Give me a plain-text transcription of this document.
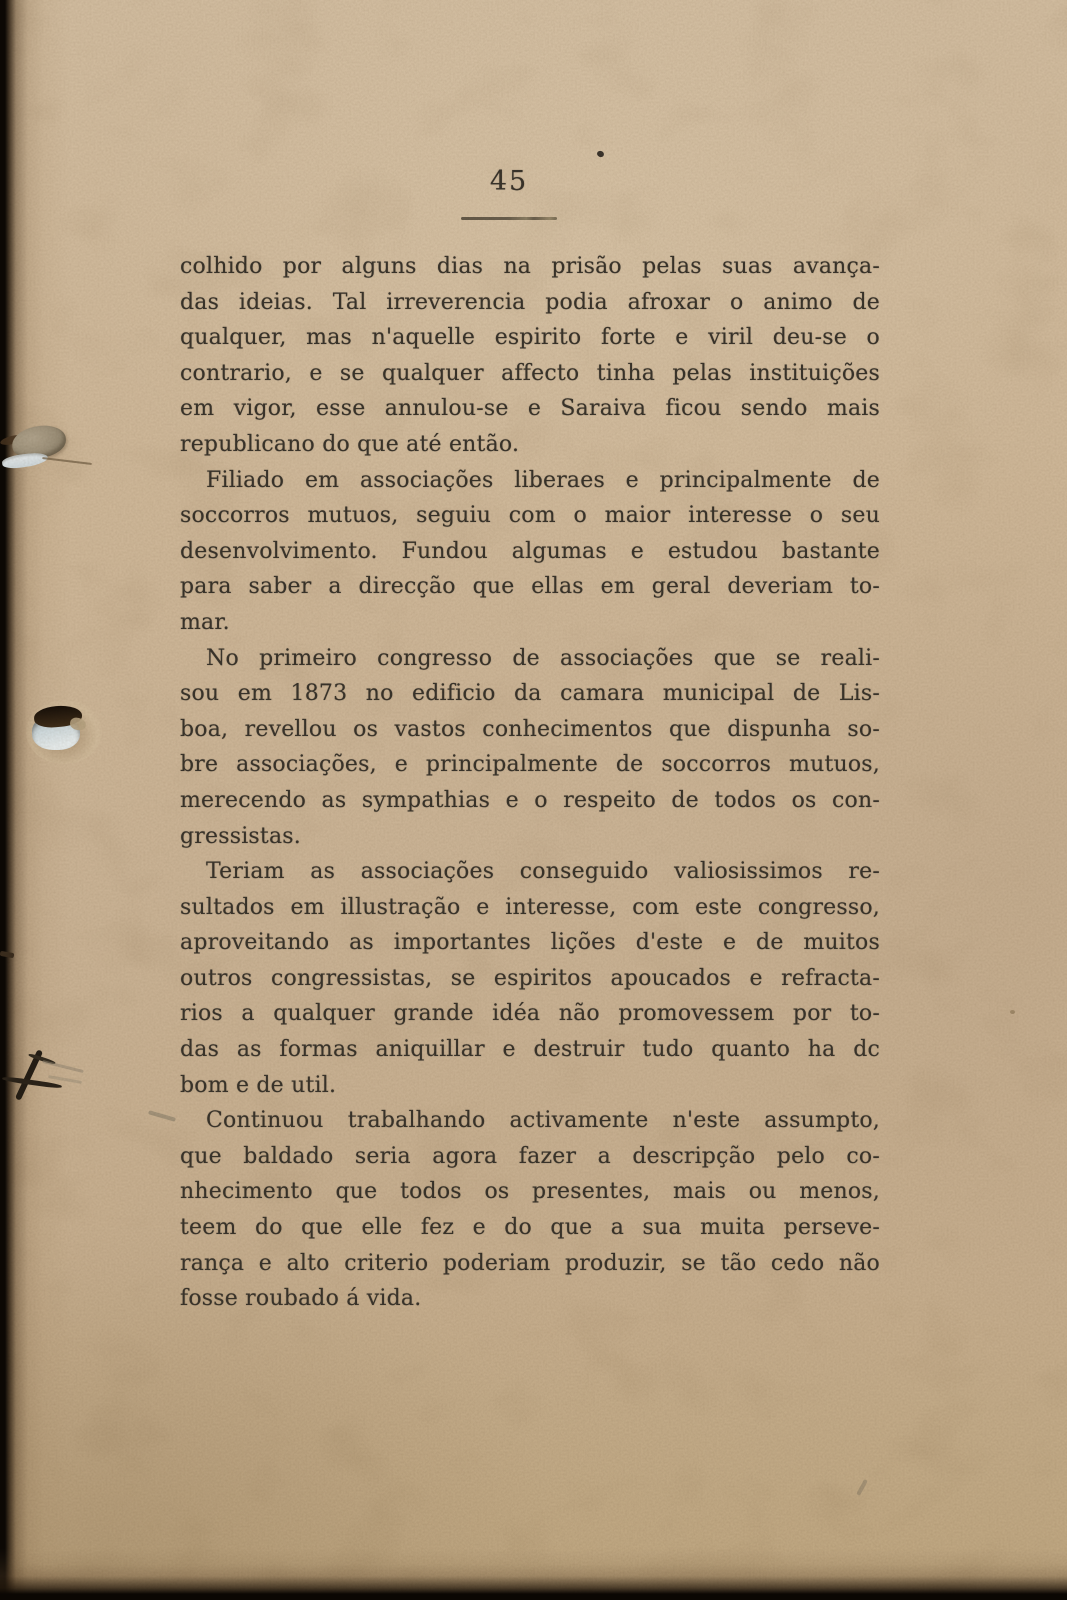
45
colhido por alguns dias na prisão pelas suas avança-
das ideias. Tal irreverencia podia afroxar o animo de
qualquer, mas n'aquelle espirito forte e viril deu-se o
contrario, e se qualquer affecto tinha pelas instituições
em vigor, esse annulou-se e Saraiva ficou sendo mais
republicano do que até então.
Filiado em associações liberaes e principalmente de
soccorros mutuos, seguiu com o maior interesse o seu
desenvolvimento. Fundou algumas e estudou bastante
para saber a direcção que ellas em geral deveriam to-
mar.
No primeiro congresso de associações que se reali-
sou em 1873 no edificio da camara municipal de Lis-
boa, revellou os vastos conhecimentos que dispunha so-
bre associações, e principalmente de soccorros mutuos,
merecendo as sympathias e o respeito de todos os con-
gressistas.
Teriam as associações conseguido valiosissimos re-
sultados em illustração e interesse, com este congresso,
aproveitando as importantes lições d'este e de muitos
outros congressistas, se espiritos apoucados e refracta-
rios a qualquer grande idéa não promovessem por to-
das as formas aniquillar e destruir tudo quanto ha dc
bom e de util.
Continuou trabalhando activamente n'este assumpto,
que baldado seria agora fazer a descripção pelo co-
nhecimento que todos os presentes, mais ou menos,
teem do que elle fez e do que a sua muita perseve-
rança e alto criterio poderiam produzir, se tão cedo não
fosse roubado á vida.
